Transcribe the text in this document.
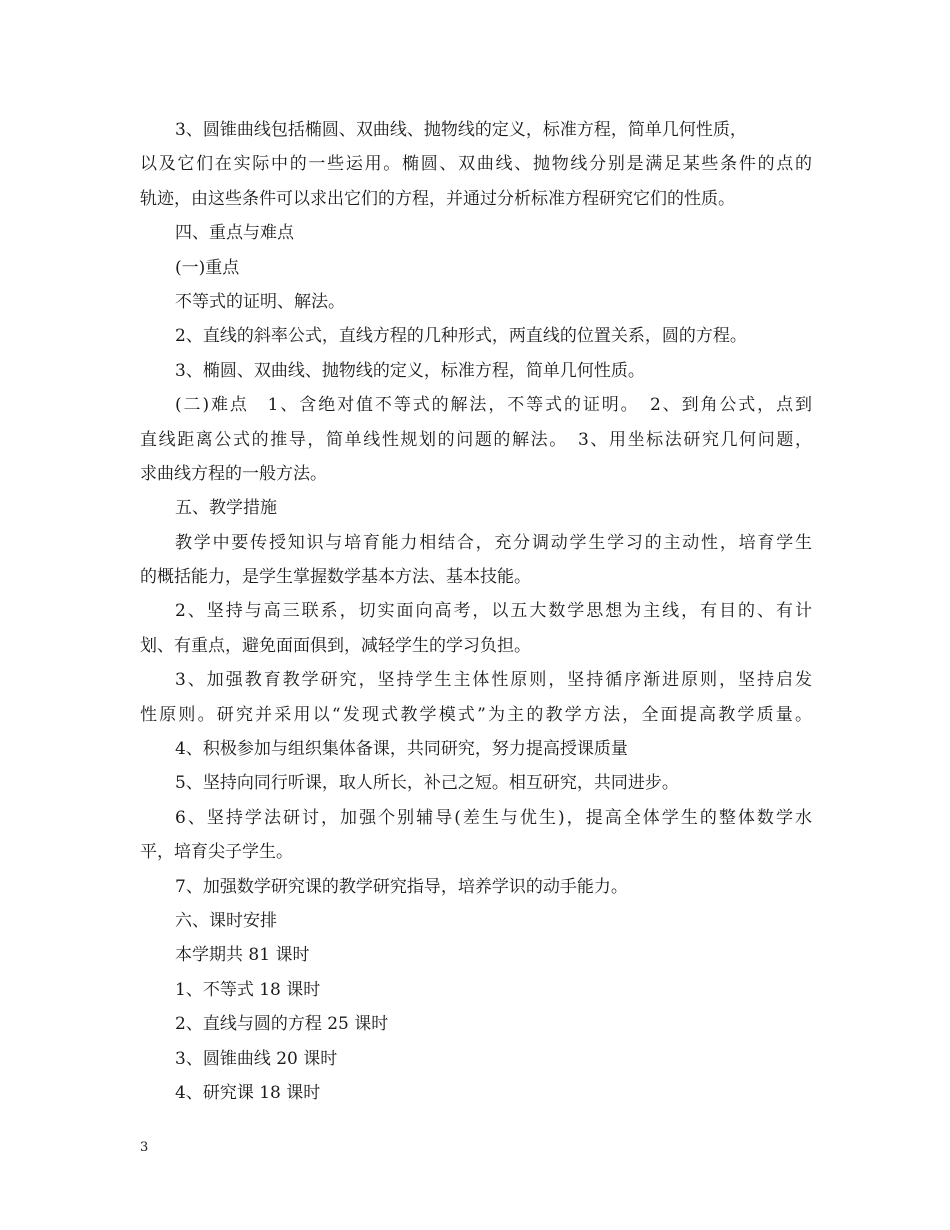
3、圆锥曲线包括椭圆、双曲线、抛物线的定义，标准方程，简单几何性质，
以及它们在实际中的一些运用。椭圆、双曲线、抛物线分别是满足某些条件的点的
轨迹，由这些条件可以求出它们的方程，并通过分析标准方程研究它们的性质。
四、重点与难点
(一)重点
不等式的证明、解法。
2、直线的斜率公式，直线方程的几种形式，两直线的位置关系，圆的方程。
3、椭圆、双曲线、抛物线的定义，标准方程，简单几何性质。
(二)难点　1、含绝对值不等式的解法，不等式的证明。　2、到角公式，点到
直线距离公式的推导，简单线性规划的问题的解法。　3、用坐标法研究几何问题，
求曲线方程的一般方法。
五、教学措施
教学中要传授知识与培育能力相结合，充分调动学生学习的主动性，培育学生
的概括能力，是学生掌握数学基本方法、基本技能。
2、坚持与高三联系，切实面向高考，以五大数学思想为主线，有目的、有计
划、有重点，避免面面俱到，减轻学生的学习负担。
3、加强教育教学研究，坚持学生主体性原则，坚持循序渐进原则，坚持启发
性原则。研究并采用以“发现式教学模式”为主的教学方法，全面提高教学质量。
4、积极参加与组织集体备课，共同研究，努力提高授课质量
5、坚持向同行听课，取人所长，补己之短。相互研究，共同进步。
6、坚持学法研讨，加强个别辅导(差生与优生)，提高全体学生的整体数学水
平，培育尖子学生。
7、加强数学研究课的教学研究指导，培养学识的动手能力。
六、课时安排
本学期共 81 课时
1、不等式 18 课时
2、直线与圆的方程 25 课时
3、圆锥曲线 20 课时
4、研究课 18 课时
3
